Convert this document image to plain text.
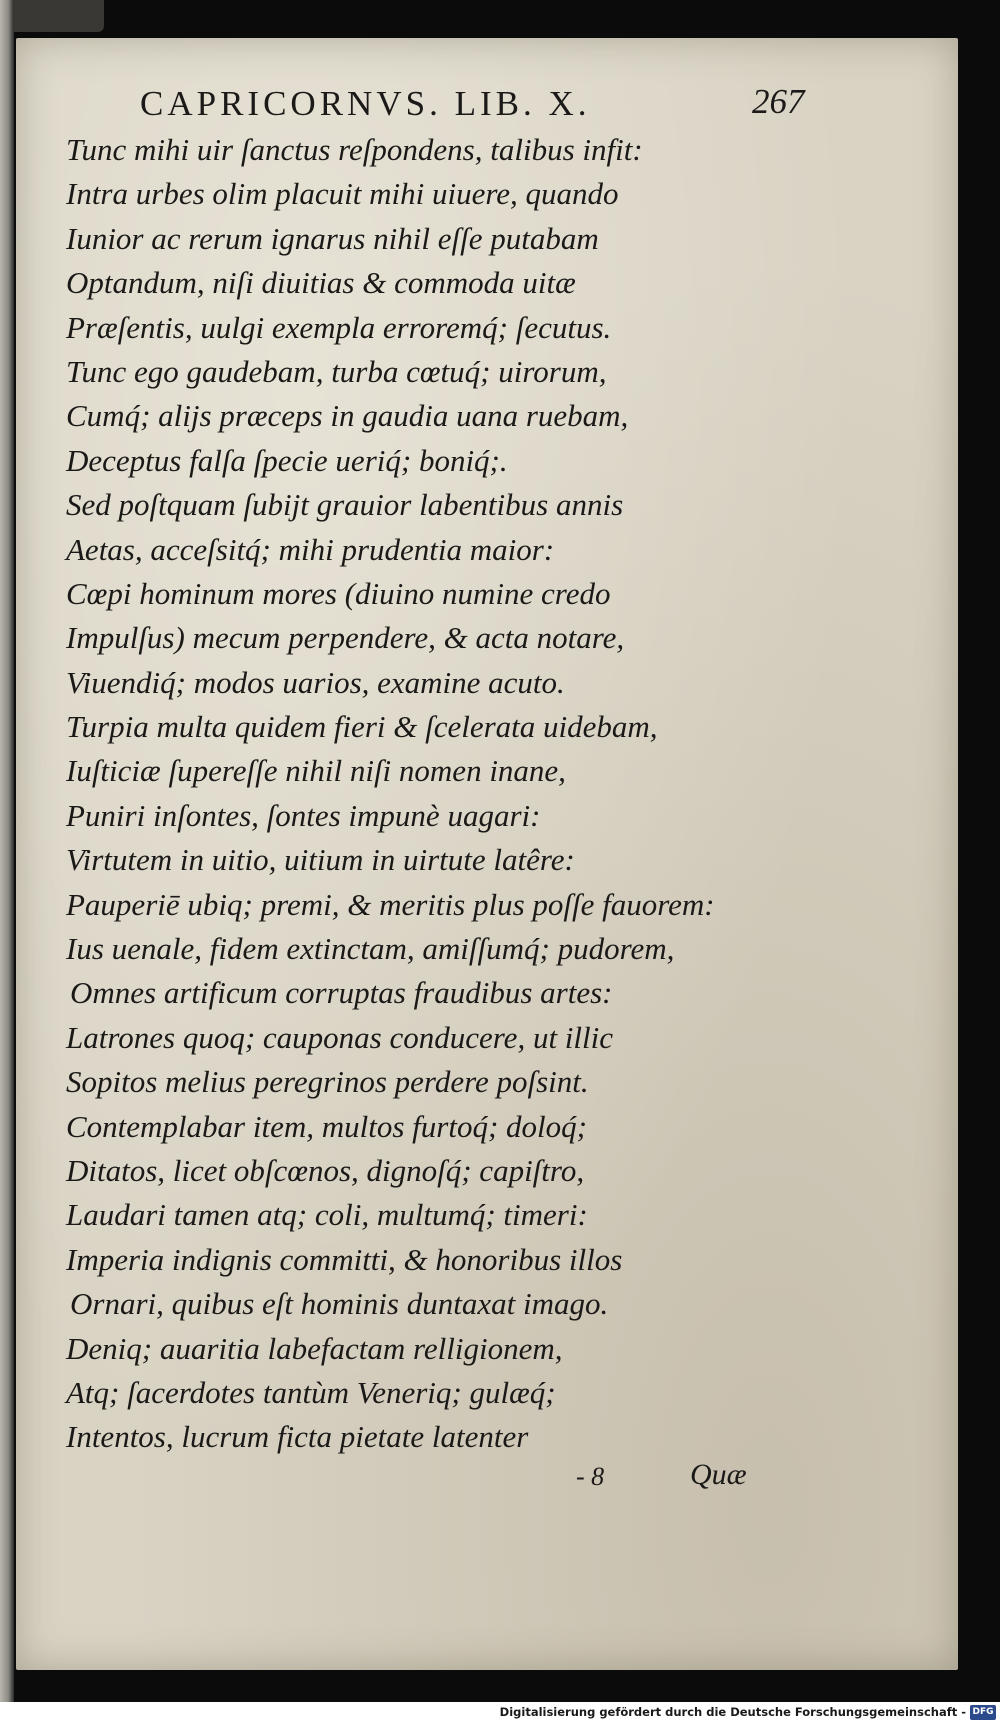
CAPRICORNVS. LIB. X.	267
Tunc mihi uir ſanctus reſpondens, talibus infit:
Intra urbes olim placuit mihi uiuere, quando
Iunior ac rerum ignarus nihil eſſe putabam
Optandum, niſi diuitias & commoda uitæ
Præſentis, uulgi exempla erroremq́; ſecutus.
Tunc ego gaudebam, turba cœtuq́; uirorum,
Cumq́; alijs præceps in gaudia uana ruebam,
Deceptus falſa ſpecie ueriq́; boniq́;.
Sed poſtquam ſubijt grauior labentibus annis
Aetas, acceſsitq́; mihi prudentia maior:
Cœpi hominum mores (diuino numine credo
Impulſus) mecum perpendere, & acta notare,
Viuendiq́; modos uarios, examine acuto.
Turpia multa quidem fieri & ſcelerata uidebam,
Iuſticiæ ſupereſſe nihil niſi nomen inane,
Puniri inſontes, ſontes impunè uagari:
Virtutem in uitio, uitium in uirtute latêre:
Pauperiē ubiq; premi, & meritis plus poſſe fauorem:
Ius uenale, fidem extinctam, amiſſumq́; pudorem,
Omnes artificum corruptas fraudibus artes:
Latrones quoq; cauponas conducere, ut illic
Sopitos melius peregrinos perdere poſsint.
Contemplabar item, multos furtoq́; doloq́;
Ditatos, licet obſcœnos, dignoſq́; capiſtro,
Laudari tamen atq; coli, multumq́; timeri:
Imperia indignis committi, & honoribus illos
Ornari, quibus eſt hominis duntaxat imago.
Deniq; auaritia labefactam relligionem,
Atq; ſacerdotes tantùm Veneriq; gulæq́;
Intentos, lucrum ficta pietate latenter
- 8	Quæ
Digitalisierung gefördert durch die Deutsche Forschungsgemeinschaft - DFG
